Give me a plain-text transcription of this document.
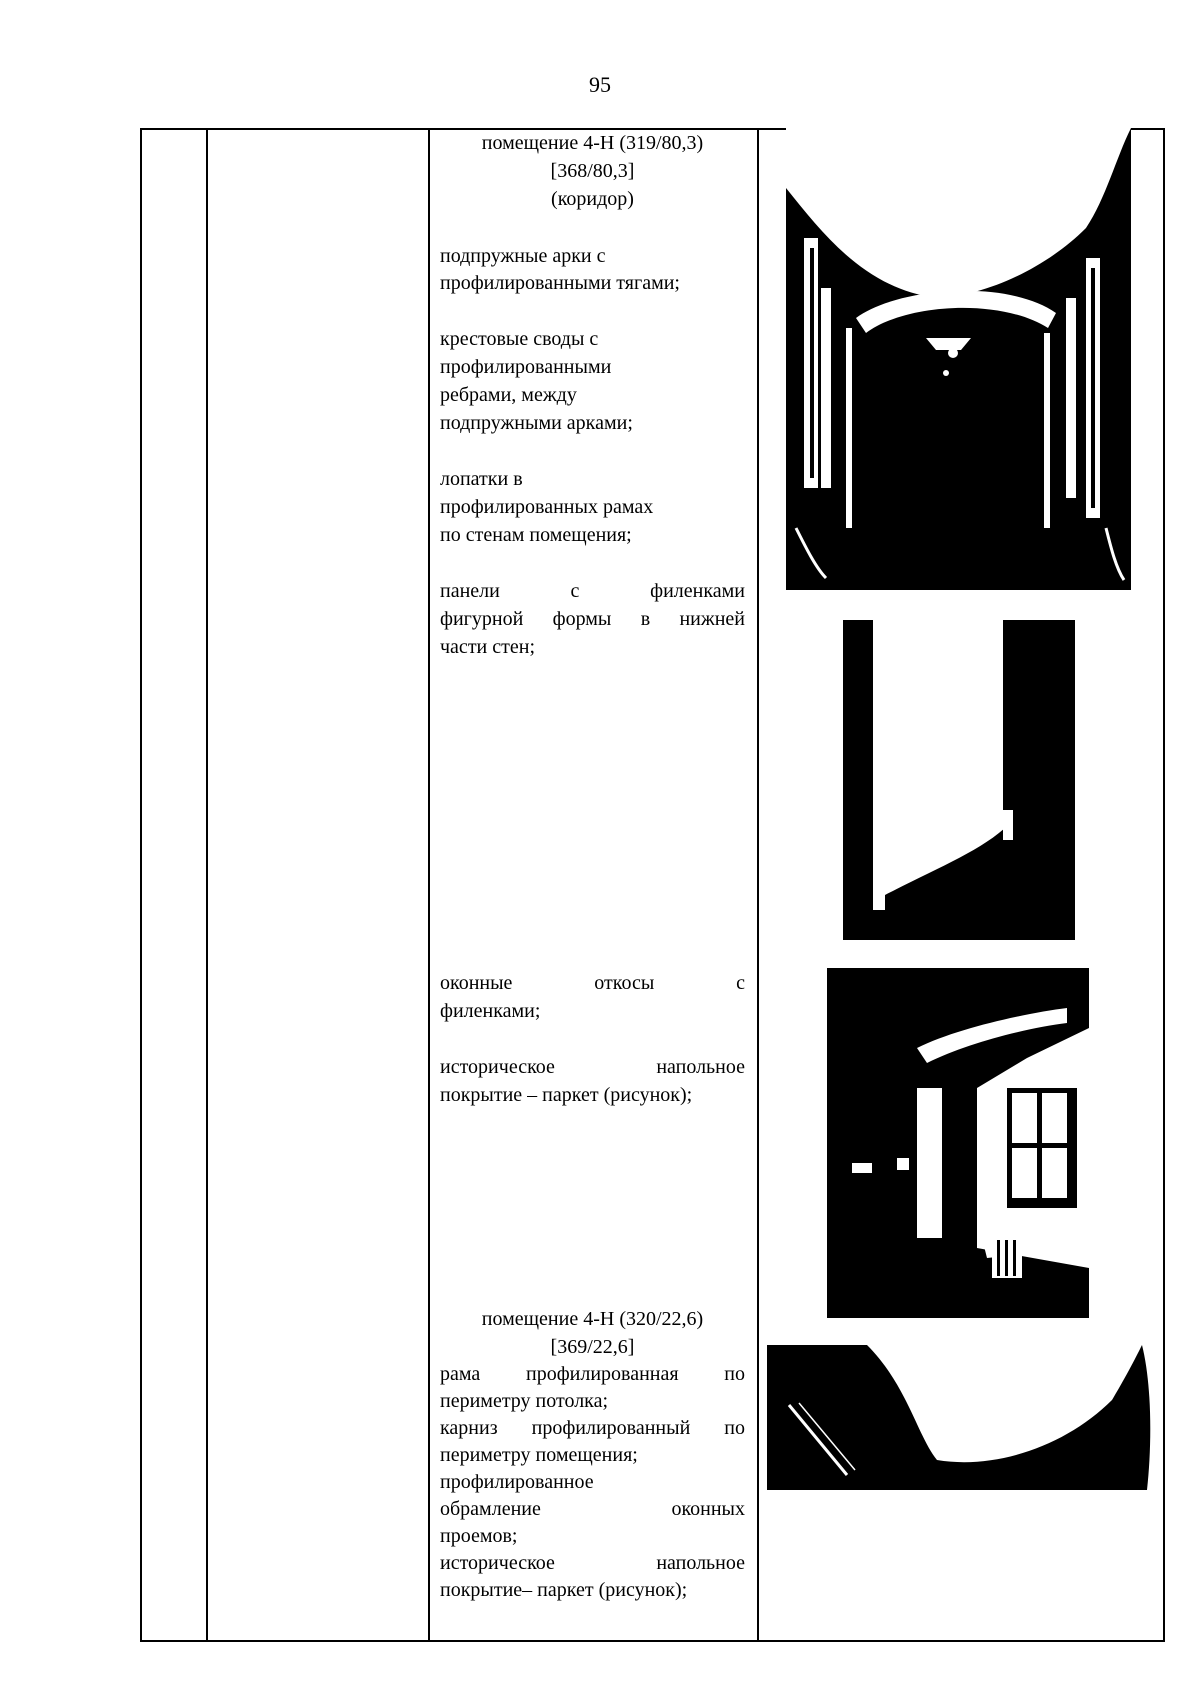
95
помещение 4-Н (319/80,3)
[368/80,3]
(коридор)
подпружные арки с
профилированными тягами;
крестовые своды с
профилированными
ребрами, между
подпружными арками;
лопатки в
профилированных рамах
по стенам помещения;
панели с филенками
фигурной формы в нижней
части стен;
оконные откосы с
филенками;
историческое напольное
покрытие – паркет (рисунок);
помещение 4-Н (320/22,6)
[369/22,6]
рама профилированная по
периметру потолка;
карниз профилированный по
периметру помещения;
профилированное
обрамление оконных
проемов;
историческое напольное
покрытие– паркет (рисунок);
